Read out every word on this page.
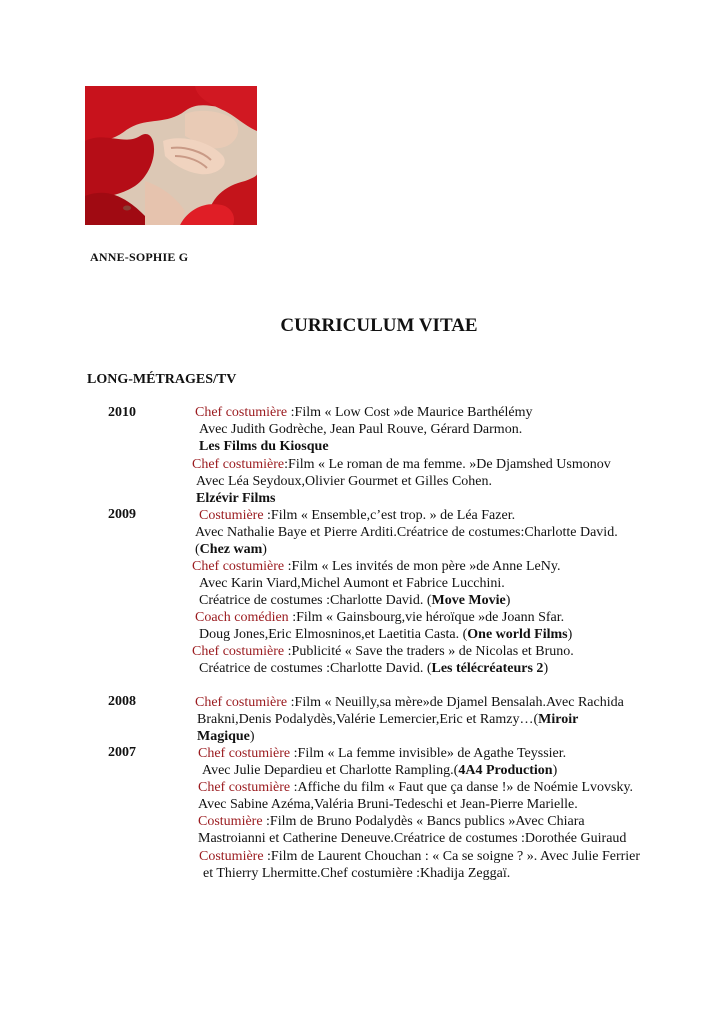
ANNE-SOPHIE G
CURRICULUM VITAE
LONG-MÉTRAGES/TV
2010
2009
2008
2007
Chef costumière :Film « Low Cost »de Maurice Barthélémy
Avec Judith Godrèche, Jean Paul Rouve, Gérard Darmon.
Les Films du Kiosque
Chef costumière:Film « Le roman de ma femme. »De Djamshed Usmonov
Avec Léa Seydoux,Olivier Gourmet et Gilles Cohen.
Elzévir Films
Costumière :Film « Ensemble,c’est trop. » de Léa Fazer.
Avec Nathalie Baye et Pierre Arditi.Créatrice de costumes:Charlotte David.
(Chez wam)
Chef costumière :Film « Les invités de mon père »de Anne LeNy.
Avec Karin Viard,Michel Aumont et Fabrice Lucchini.
Créatrice de costumes :Charlotte David. (Move Movie)
Coach comédien :Film « Gainsbourg,vie héroïque »de Joann Sfar.
Doug Jones,Eric Elmosninos,et Laetitia Casta. (One world Films)
Chef costumière :Publicité « Save the traders » de Nicolas et Bruno.
Créatrice de costumes :Charlotte David. (Les télécréateurs 2)
Chef costumière :Film « Neuilly,sa mère»de Djamel Bensalah.Avec Rachida
Brakni,Denis Podalydès,Valérie Lemercier,Eric et Ramzy…(Miroir
Magique)
Chef costumière :Film « La femme invisible» de Agathe Teyssier.
Avec Julie Depardieu et Charlotte Rampling.(4A4 Production)
Chef costumière :Affiche du film « Faut que ça danse !» de Noémie Lvovsky.
Avec Sabine Azéma,Valéria Bruni-Tedeschi et Jean-Pierre Marielle.
Costumière :Film de Bruno Podalydès « Bancs publics »Avec Chiara
Mastroianni et Catherine Deneuve.Créatrice de costumes :Dorothée Guiraud
Costumière :Film de Laurent Chouchan : « Ca se soigne ? ». Avec Julie Ferrier
et Thierry Lhermitte.Chef costumière :Khadija Zeggaï.
